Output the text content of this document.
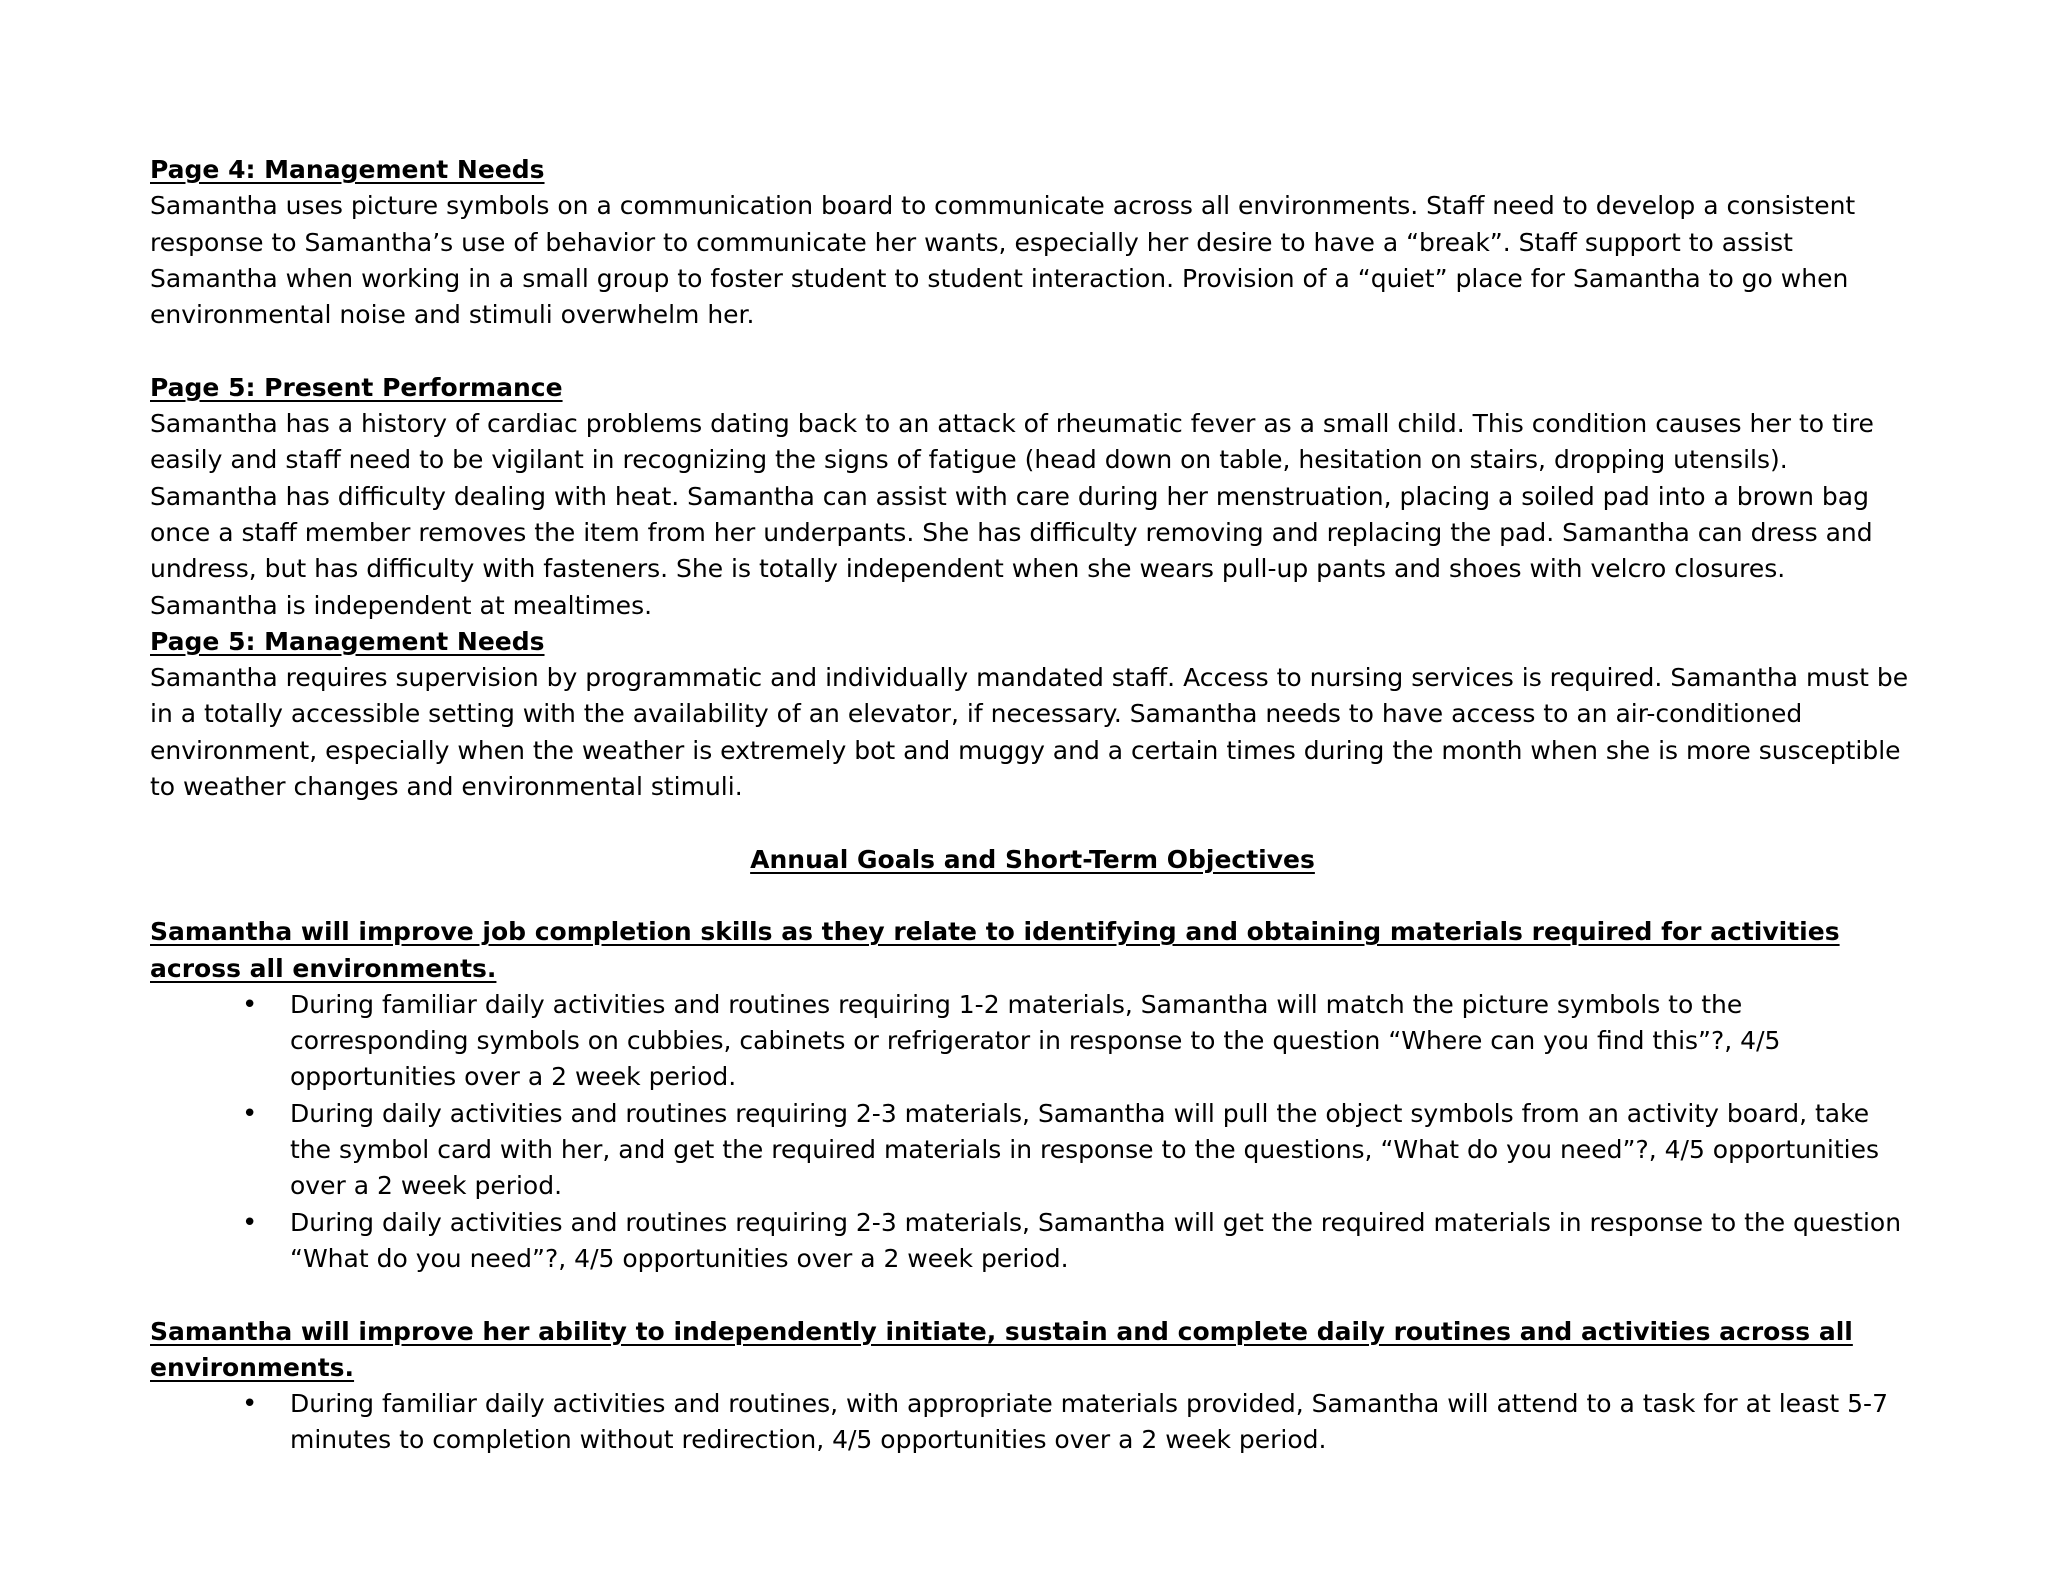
Page 4: Management Needs

Samantha uses picture symbols on a communication board to communicate across all environments. Staff need to develop a consistent response to Samantha’s use of behavior to communicate her wants, especially her desire to have a “break”. Staff support to assist Samantha when working in a small group to foster student to student interaction. Provision of a “quiet” place for Samantha to go when environmental noise and stimuli overwhelm her.

Page 5: Present Performance

Samantha has a history of cardiac problems dating back to an attack of rheumatic fever as a small child. This condition causes her to tire easily and staff need to be vigilant in recognizing the signs of fatigue (head down on table, hesitation on stairs, dropping utensils). Samantha has difficulty dealing with heat. Samantha can assist with care during her menstruation, placing a soiled pad into a brown bag once a staff member removes the item from her underpants. She has difficulty removing and replacing the pad. Samantha can dress and undress, but has difficulty with fasteners. She is totally independent when she wears pull-up pants and shoes with velcro closures. Samantha is independent at mealtimes.

Page 5: Management Needs

Samantha requires supervision by programmatic and individually mandated staff. Access to nursing services is required. Samantha must be in a totally accessible setting with the availability of an elevator, if necessary. Samantha needs to have access to an air-conditioned environment, especially when the weather is extremely bot and muggy and a certain times during the month when she is more susceptible to weather changes and environmental stimuli.

Annual Goals and Short-Term Objectives

Samantha will improve job completion skills as they relate to identifying and obtaining materials required for activities across all environments.

• During familiar daily activities and routines requiring 1-2 materials, Samantha will match the picture symbols to the corresponding symbols on cubbies, cabinets or refrigerator in response to the question “Where can you find this”?, 4/5 opportunities over a 2 week period.
• During daily activities and routines requiring 2-3 materials, Samantha will pull the object symbols from an activity board, take the symbol card with her, and get the required materials in response to the questions, “What do you need”?, 4/5 opportunities over a 2 week period.
• During daily activities and routines requiring 2-3 materials, Samantha will get the required materials in response to the question “What do you need”?, 4/5 opportunities over a 2 week period.

Samantha will improve her ability to independently initiate, sustain and complete daily routines and activities across all environments.

• During familiar daily activities and routines, with appropriate materials provided, Samantha will attend to a task for at least 5-7 minutes to completion without redirection, 4/5 opportunities over a 2 week period.
